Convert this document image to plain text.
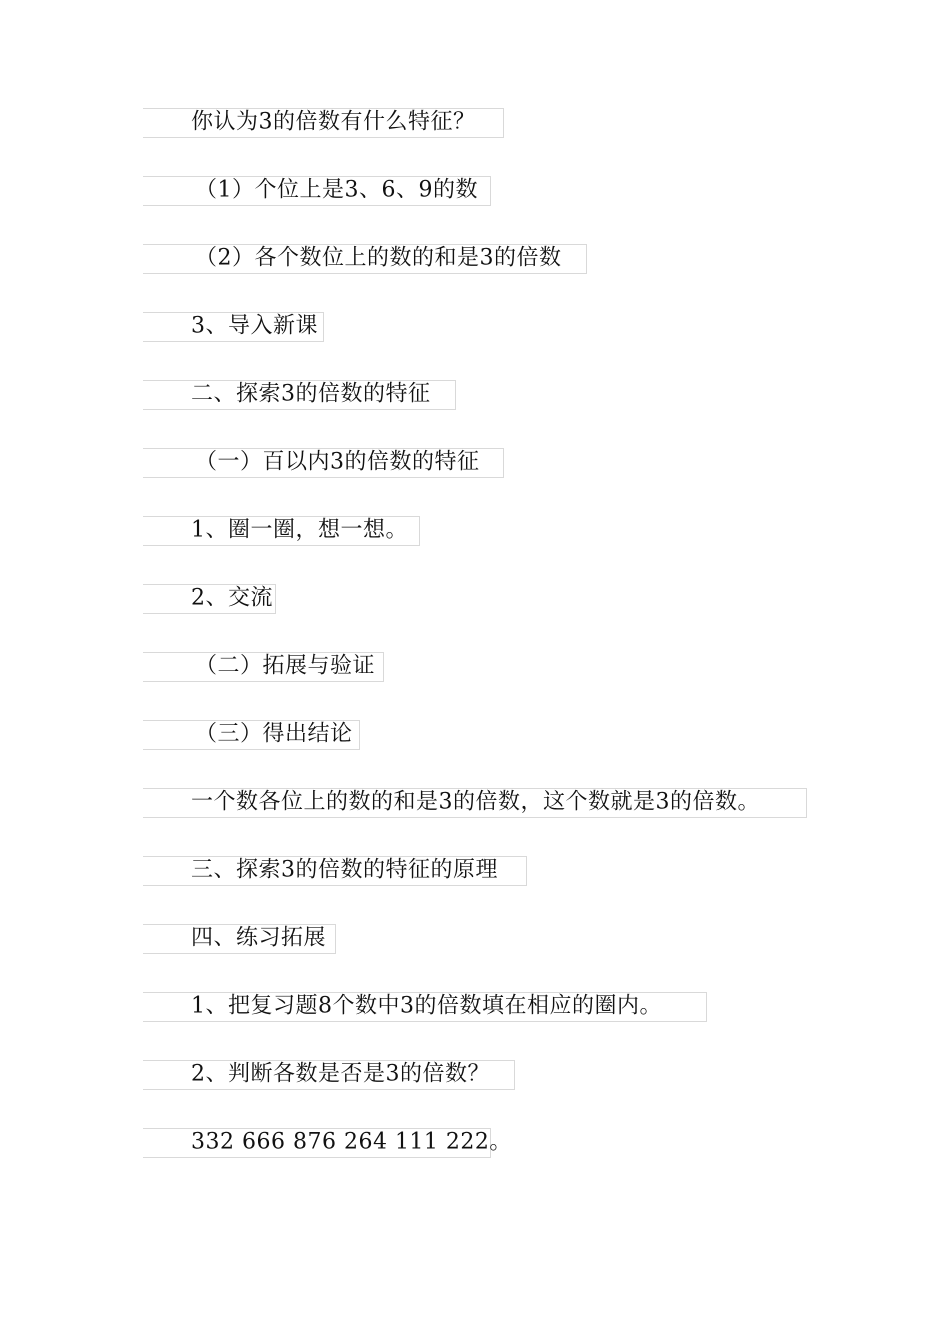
你认为3的倍数有什么特征？
（1）个位上是3、6、9的数
（2）各个数位上的数的和是3的倍数
3、导入新课
二、探索3的倍数的特征
（一）百以内3的倍数的特征
1、圈一圈，想一想。
2、交流
（二）拓展与验证
（三）得出结论
一个数各位上的数的和是3的倍数，这个数就是3的倍数。
三、探索3的倍数的特征的原理
四、练习拓展
1、把复习题8个数中3的倍数填在相应的圈内。
2、判断各数是否是3的倍数？
332 666 876 264 111 222。
